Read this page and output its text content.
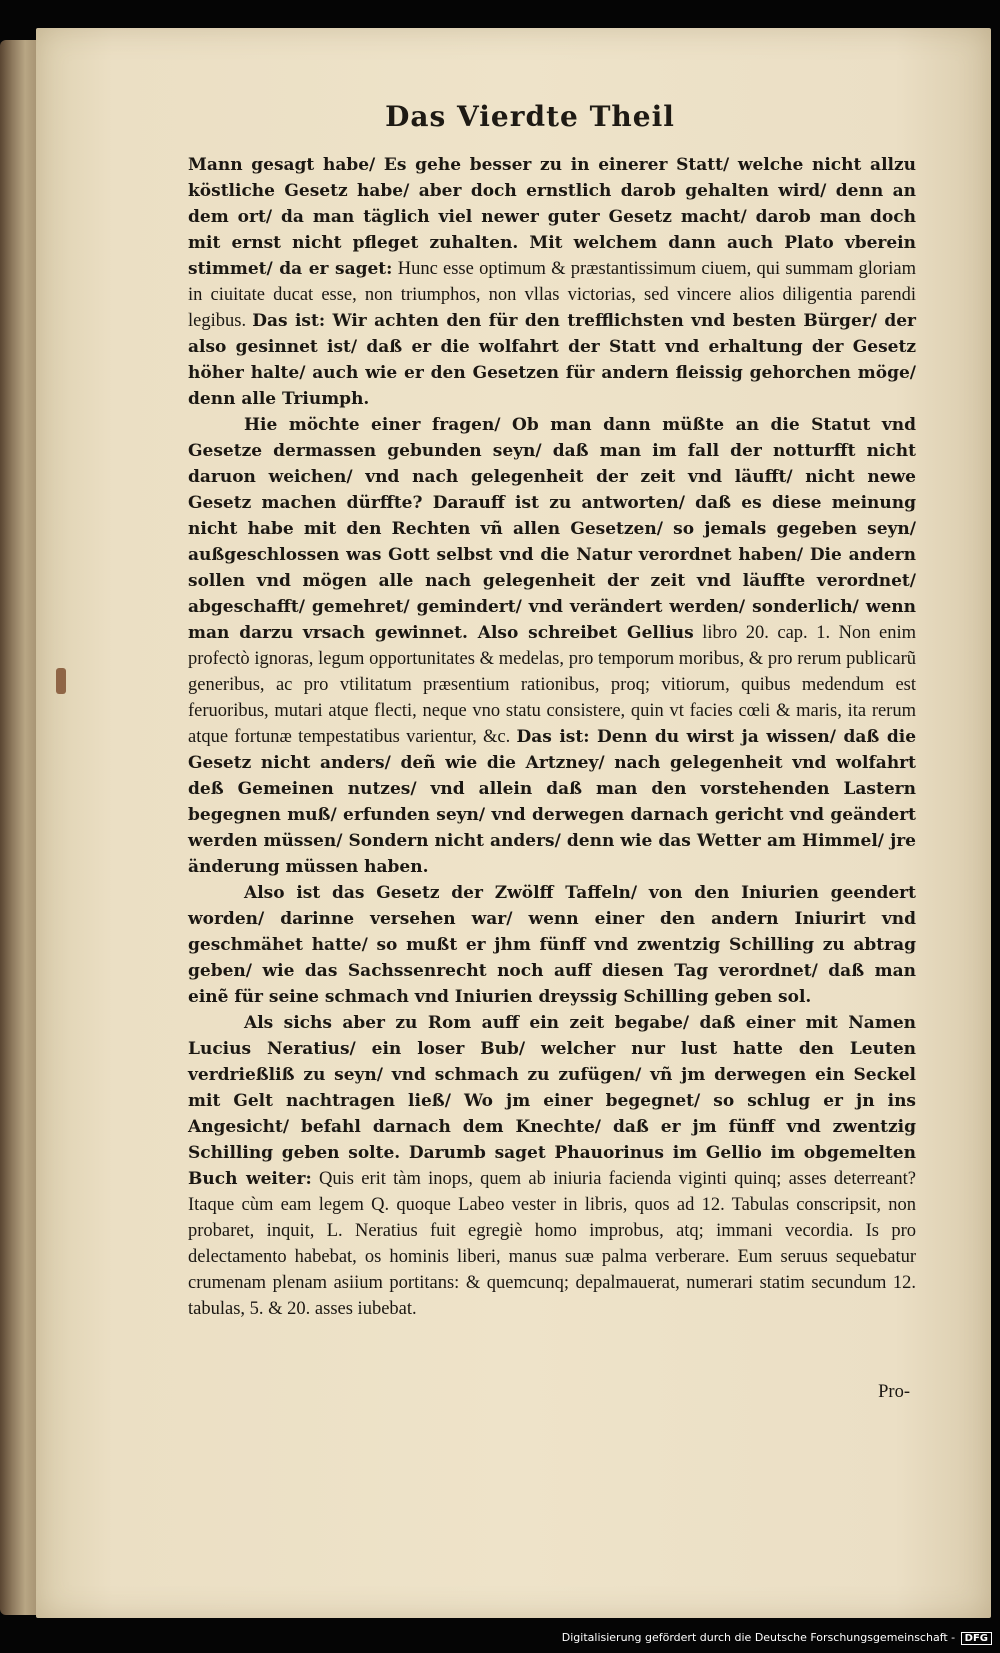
Das Vierdte Theil

Mann gesagt habe/ Es gehe besser zu in einerer Statt/ welche nicht allzu köstliche Gesetz habe/ aber doch ernstlich darob gehalten wird/ denn an dem ort/ da man täglich viel newer guter Gesetz macht/ darob man doch mit ernst nicht pfleget zuhalten. Mit welchem dann auch Plato vberein stimmet/ da er saget: Hunc esse optimum & præstantissimum ciuem, qui summam gloriam in ciuitate ducat esse, non triumphos, non vllas victorias, sed vincere alios diligentia parendi legibus. Das ist: Wir achten den für den trefflichsten vnd besten Bürger/ der also gesinnet ist/ daß er die wolfahrt der Statt vnd erhaltung der Gesetz höher halte/ auch wie er den Gesetzen für andern fleissig gehorchen möge/ denn alle Triumph.

Hie möchte einer fragen/ Ob man dann müßte an die Statut vnd Gesetze dermassen gebunden seyn/ daß man im fall der notturfft nicht daruon weichen/ vnd nach gelegenheit der zeit vnd läufft/ nicht newe Gesetz machen dürffte? Darauff ist zu antworten/ daß es diese meinung nicht habe mit den Rechten vñ allen Gesetzen/ so jemals gegeben seyn/ außgeschlossen was Gott selbst vnd die Natur verordnet haben/ Die andern sollen vnd mögen alle nach gelegenheit der zeit vnd läuffte verordnet/ abgeschafft/ gemehret/ gemindert/ vnd verändert werden/ sonderlich/ wenn man darzu vrsach gewinnet. Also schreibet Gellius libro 20. cap. 1. Non enim profectò ignoras, legum opportunitates & medelas, pro temporum moribus, & pro rerum publicarũ generibus, ac pro vtilitatum præsentium rationibus, proq; vitiorum, quibus medendum est feruoribus, mutari atque flecti, neque vno statu consistere, quin vt facies cœli & maris, ita rerum atque fortunæ tempestatibus varientur, &c. Das ist: Denn du wirst ja wissen/ daß die Gesetz nicht anders/ deñ wie die Artzney/ nach gelegenheit vnd wolfahrt deß Gemeinen nutzes/ vnd allein daß man den vorstehenden Lastern begegnen muß/ erfunden seyn/ vnd derwegen darnach gericht vnd geändert werden müssen/ Sondern nicht anders/ denn wie das Wetter am Himmel/ jre änderung müssen haben.

Also ist das Gesetz der Zwölff Taffeln/ von den Iniurien geendert worden/ darinne versehen war/ wenn einer den andern Iniurirt vnd geschmähet hatte/ so mußt er jhm fünff vnd zwentzig Schilling zu abtrag geben/ wie das Sachssenrecht noch auff diesen Tag verordnet/ daß man einẽ für seine schmach vnd Iniurien dreyssig Schilling geben sol.

Als sichs aber zu Rom auff ein zeit begabe/ daß einer mit Namen Lucius Neratius/ ein loser Bub/ welcher nur lust hatte den Leuten verdrießliß zu seyn/ vnd schmach zu zufügen/ vñ jm derwegen ein Seckel mit Gelt nachtragen ließ/ Wo jm einer begegnet/ so schlug er jn ins Angesicht/ befahl darnach dem Knechte/ daß er jm fünff vnd zwentzig Schilling geben solte. Darumb saget Phauorinus im Gellio im obgemelten Buch weiter: Quis erit tàm inops, quem ab iniuria facienda viginti quinq; asses deterreant? Itaque cùm eam legem Q. quoque Labeo vester in libris, quos ad 12. Tabulas conscripsit, non probaret, inquit, L. Neratius fuit egregiè homo improbus, atq; immani vecordia. Is pro delectamento habebat, os hominis liberi, manus suæ palma verberare. Eum seruus sequebatur crumenam plenam asiium portitans: & quemcunq; depalmauerat, numerari statim secundum 12. tabulas, 5. & 20. asses iubebat.

Pro-
Digitalisierung gefördert durch die Deutsche Forschungsgemeinschaft - DFG
